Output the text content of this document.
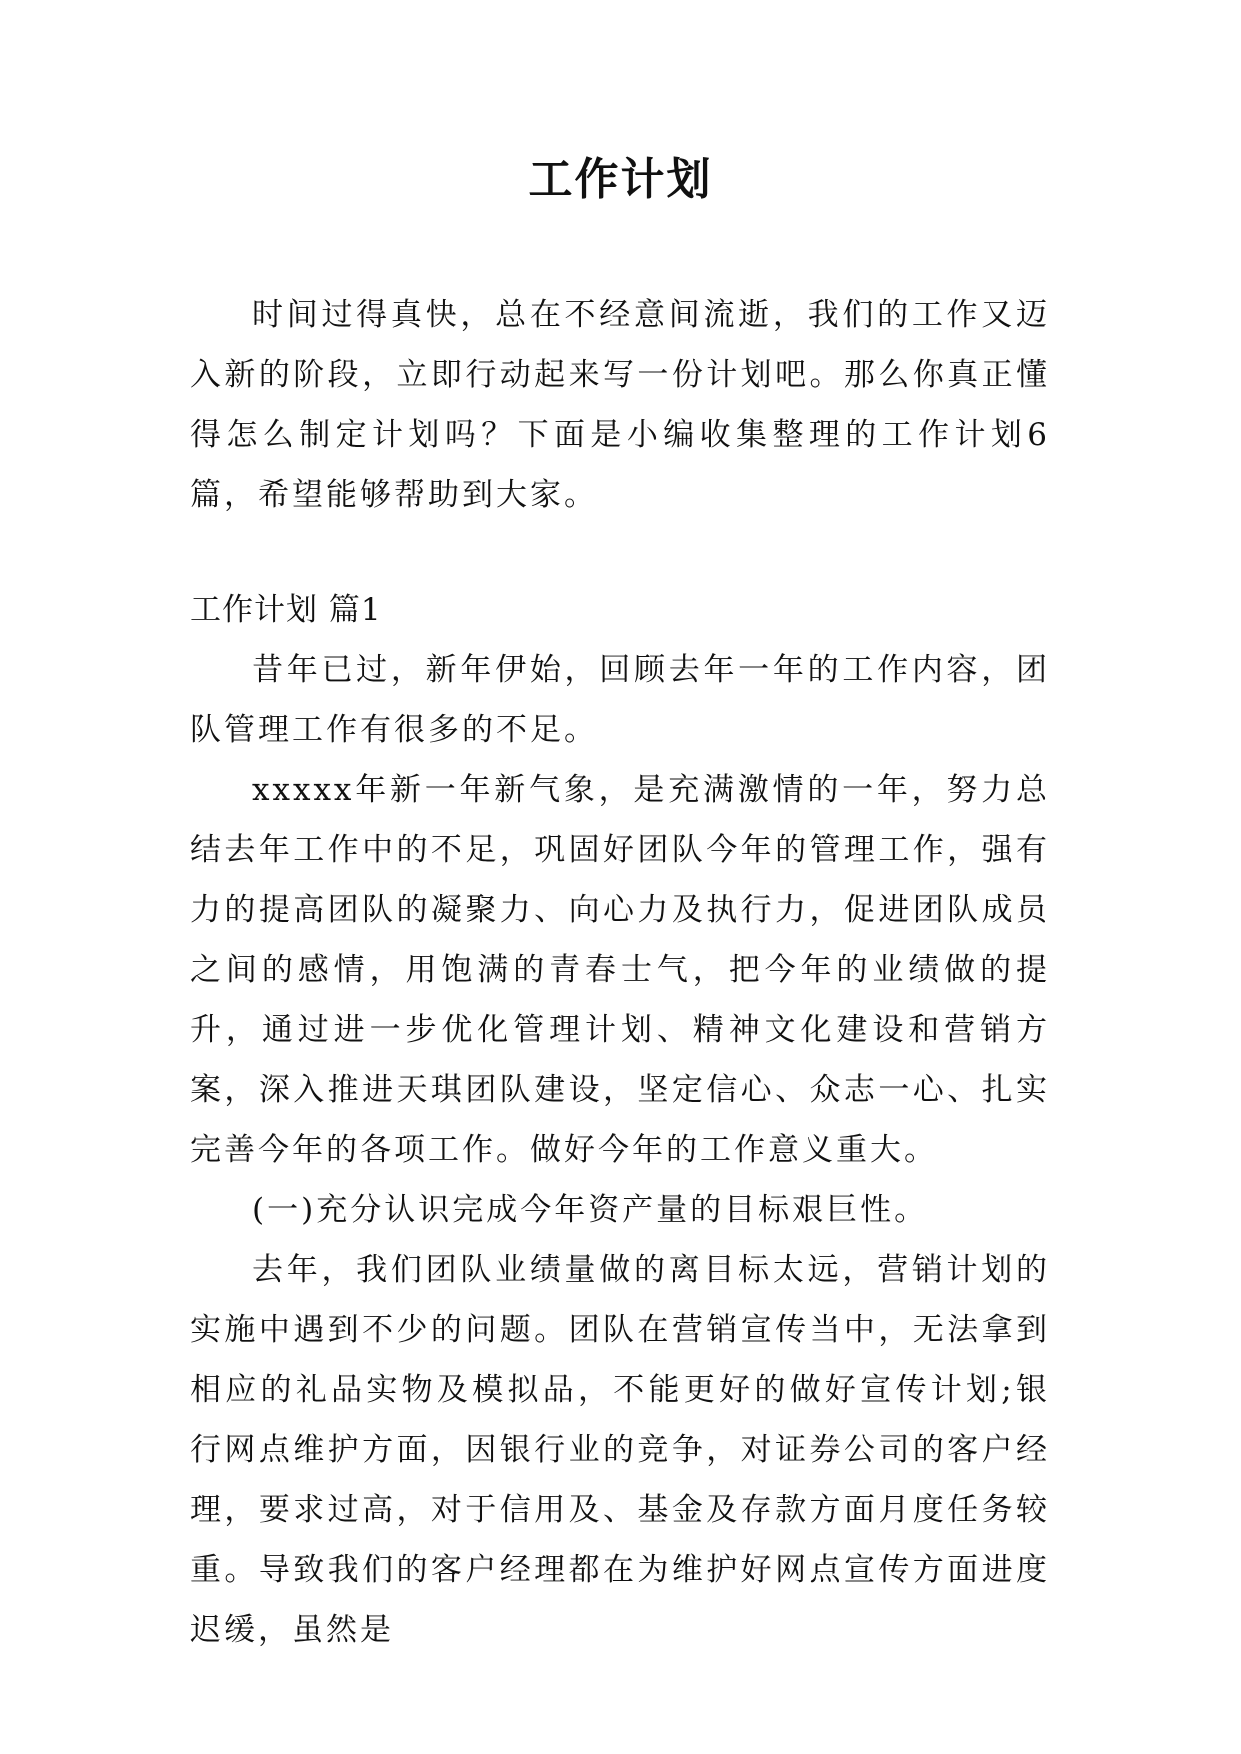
工作计划

时间过得真快，总在不经意间流逝，我们的工作又迈入新的阶段，立即行动起来写一份计划吧。那么你真正懂得怎么制定计划吗？下面是小编收集整理的工作计划6篇，希望能够帮助到大家。

工作计划 篇1

昔年已过，新年伊始，回顾去年一年的工作内容，团队管理工作有很多的不足。

xxxxx年新一年新气象，是充满激情的一年，努力总结去年工作中的不足，巩固好团队今年的管理工作，强有力的提高团队的凝聚力、向心力及执行力，促进团队成员之间的感情，用饱满的青春士气，把今年的业绩做的提升，通过进一步优化管理计划、精神文化建设和营销方案，深入推进天琪团队建设，坚定信心、众志一心、扎实完善今年的各项工作。做好今年的工作意义重大。

(一)充分认识完成今年资产量的目标艰巨性。

去年，我们团队业绩量做的离目标太远，营销计划的实施中遇到不少的问题。团队在营销宣传当中，无法拿到相应的礼品实物及模拟品，不能更好的做好宣传计划;银行网点维护方面，因银行业的竞争，对证券公司的客户经理，要求过高，对于信用及、基金及存款方面月度任务较重。导致我们的客户经理都在为维护好网点宣传方面进度迟缓，虽然是
